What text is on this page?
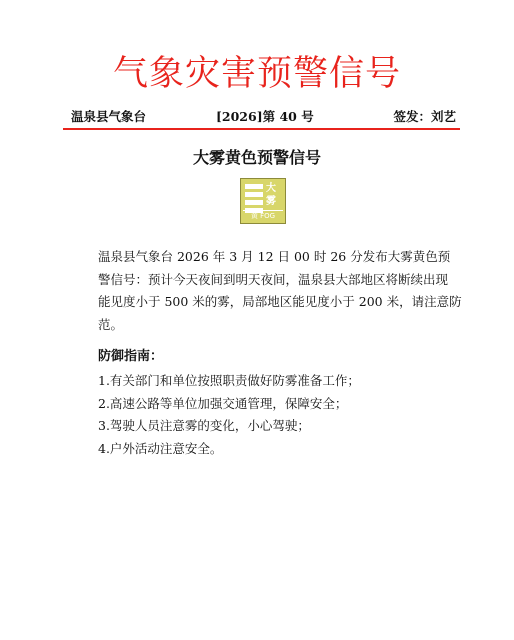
气象灾害预警信号
温泉县气象台	[2026]第 40 号	签发：刘艺
大雾黄色预警信号
大
雾
黄 FOG
温泉县气象台 2026 年 3 月 12 日 00 时 26 分发布大雾黄色预
警信号：预计今天夜间到明天夜间，温泉县大部地区将断续出现
能见度小于 500 米的雾，局部地区能见度小于 200 米，请注意防
范。
防御指南：
1.有关部门和单位按照职责做好防雾准备工作；
2.高速公路等单位加强交通管理，保障安全；
3.驾驶人员注意雾的变化，小心驾驶；
4.户外活动注意安全。
